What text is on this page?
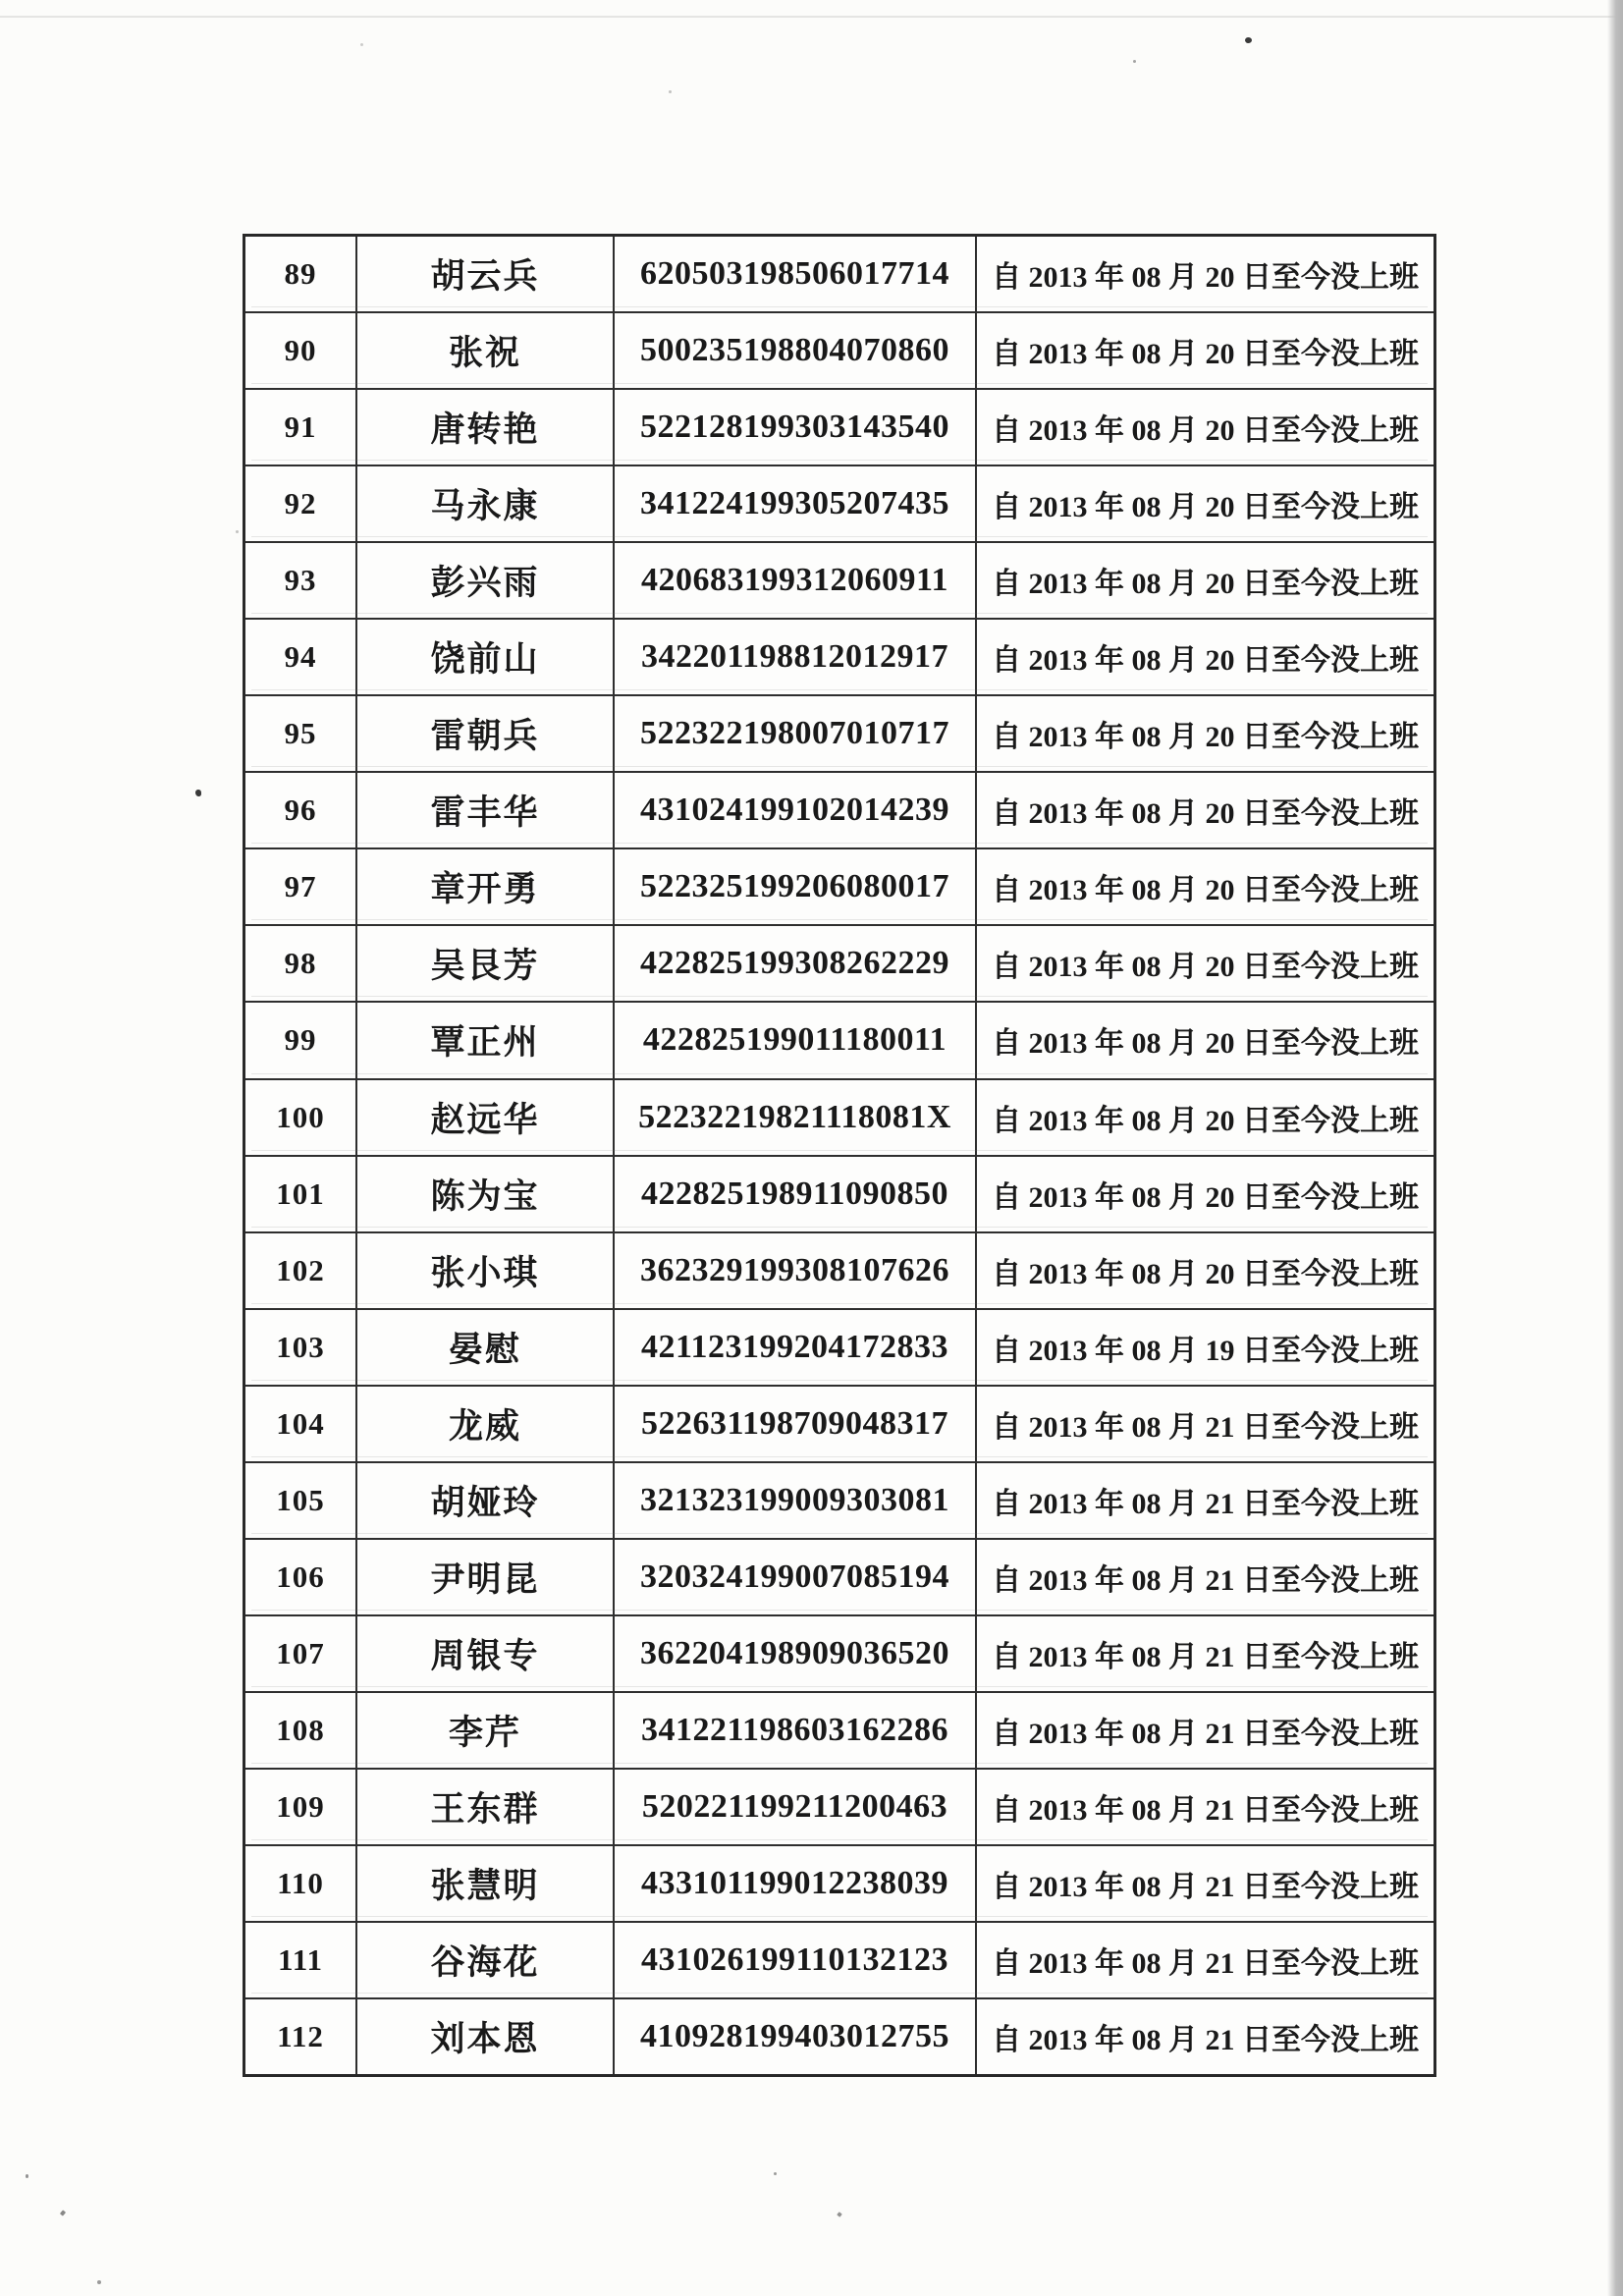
89	胡云兵	620503198506017714	自 2013 年 08 月 20 日至今没上班
90	张祝	500235198804070860	自 2013 年 08 月 20 日至今没上班
91	唐转艳	522128199303143540	自 2013 年 08 月 20 日至今没上班
92	马永康	341224199305207435	自 2013 年 08 月 20 日至今没上班
93	彭兴雨	420683199312060911	自 2013 年 08 月 20 日至今没上班
94	饶前山	342201198812012917	自 2013 年 08 月 20 日至今没上班
95	雷朝兵	522322198007010717	自 2013 年 08 月 20 日至今没上班
96	雷丰华	431024199102014239	自 2013 年 08 月 20 日至今没上班
97	章开勇	522325199206080017	自 2013 年 08 月 20 日至今没上班
98	吴艮芳	422825199308262229	自 2013 年 08 月 20 日至今没上班
99	覃正州	422825199011180011	自 2013 年 08 月 20 日至今没上班
100	赵远华	52232219821118081X	自 2013 年 08 月 20 日至今没上班
101	陈为宝	422825198911090850	自 2013 年 08 月 20 日至今没上班
102	张小琪	362329199308107626	自 2013 年 08 月 20 日至今没上班
103	晏慰	421123199204172833	自 2013 年 08 月 19 日至今没上班
104	龙威	522631198709048317	自 2013 年 08 月 21 日至今没上班
105	胡娅玲	321323199009303081	自 2013 年 08 月 21 日至今没上班
106	尹明昆	320324199007085194	自 2013 年 08 月 21 日至今没上班
107	周银专	362204198909036520	自 2013 年 08 月 21 日至今没上班
108	李芹	341221198603162286	自 2013 年 08 月 21 日至今没上班
109	王东群	520221199211200463	自 2013 年 08 月 21 日至今没上班
110	张慧明	433101199012238039	自 2013 年 08 月 21 日至今没上班
111	谷海花	431026199110132123	自 2013 年 08 月 21 日至今没上班
112	刘本恩	410928199403012755	自 2013 年 08 月 21 日至今没上班
